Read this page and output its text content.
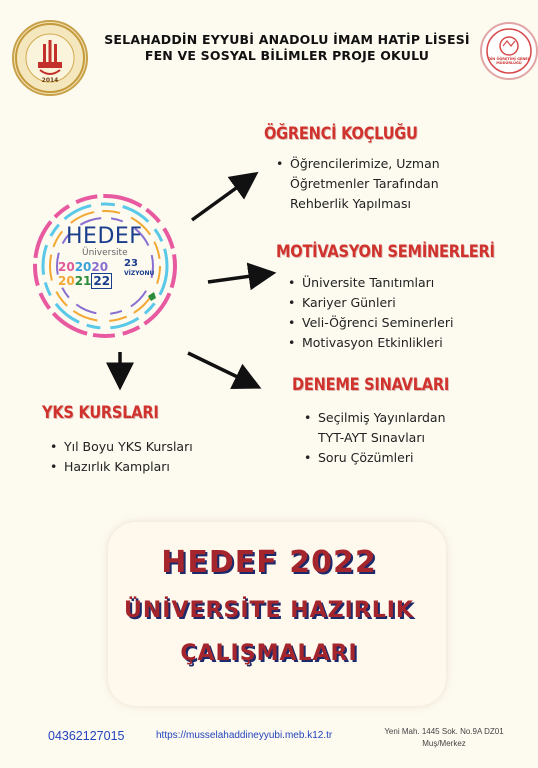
2014
SELAHADDİN EYYUBİ ANADOLU İMAM HATİP LİSESİ
FEN VE SOSYAL BİLİMLER PROJE OKULU	DİN ÖĞRETİMİ GENEL MÜDÜRLÜĞÜ
HEDEF
Üniversite
202020
2021 22
23
VİZYONU
ÖĞRENCİ KOÇLUĞU
• Öğrencilerimize, Uzman Öğretmenler Tarafından Rehberlik Yapılması
MOTİVASYON SEMİNERLERİ
• Üniversite Tanıtımları
• Kariyer Günleri
• Veli-Öğrenci Seminerleri
• Motivasyon Etkinlikleri
DENEME SINAVLARI
• Seçilmiş Yayınlardan TYT-AYT Sınavları
• Soru Çözümleri
YKS KURSLARI
• Yıl Boyu YKS Kursları
• Hazırlık Kampları
HEDEF 2022
ÜNİVERSİTE HAZIRLIK
ÇALIŞMALARI
04362127015	https://musselahaddineyyubi.meb.k12.tr	Yeni Mah. 1445 Sok. No.9A DZ01
Muş/Merkez
